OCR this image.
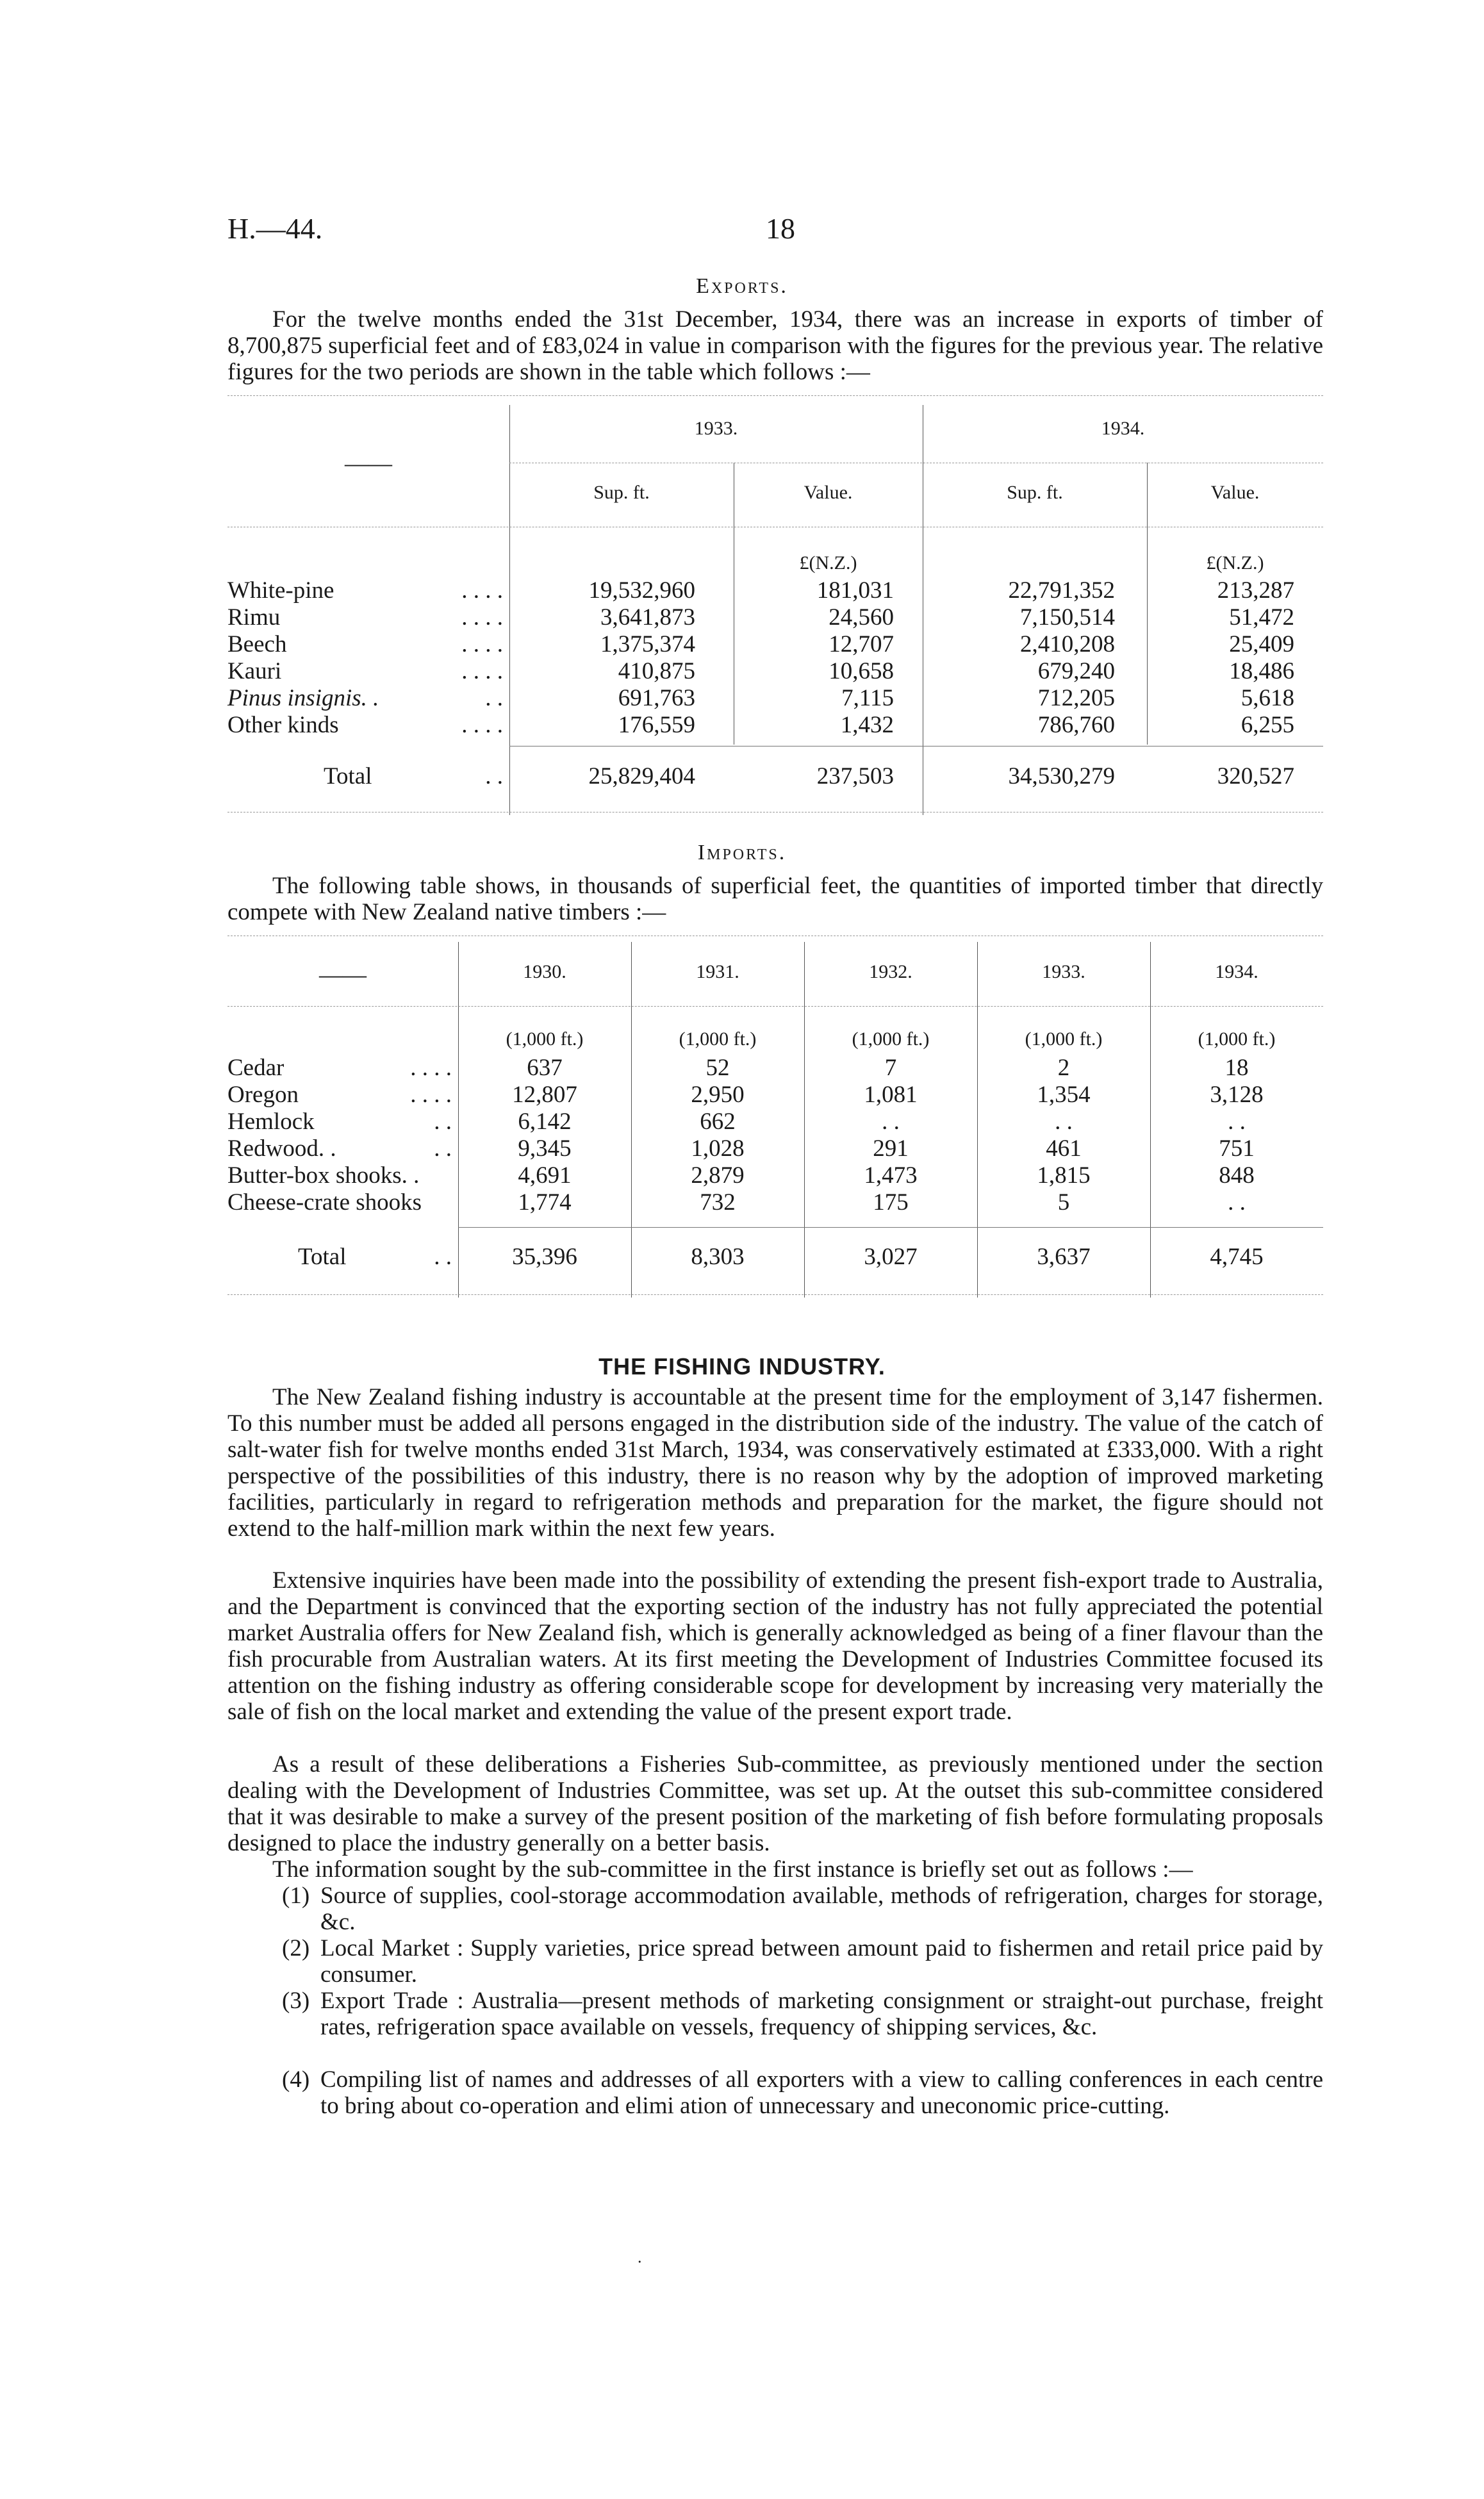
H.—44.	18
Exports.
For the twelve months ended the 31st December, 1934, there was an increase in exports of timber of 8,700,875 superficial feet and of £83,024 in value in comparison with the figures for the previous year. The relative figures for the two periods are shown in the table which follows :—
——
1933.	1934.
Sup. ft.	Value.	Sup. ft.	Value.
£(N.Z.)	£(N.Z.)
White-pine	. . . .	19,532,960	181,031	22,791,352	213,287
Rimu	. . . .	3,641,873	24,560	7,150,514	51,472
Beech	. . . .	1,375,374	12,707	2,410,208	25,409
Kauri	. . . .	410,875	10,658	679,240	18,486
Pinus insignis. .	. .	691,763	7,115	712,205	5,618
Other kinds	. . . .	176,559	1,432	786,760	6,255
Total	. .	25,829,404	237,503	34,530,279	320,527
Imports.
The following table shows, in thousands of superficial feet, the quantities of imported timber that directly compete with New Zealand native timbers :—
——	1930.	1931.	1932.	1933.	1934.
(1,000 ft.)	(1,000 ft.)	(1,000 ft.)	(1,000 ft.)	(1,000 ft.)
Cedar	. . . .	637	52	7	2	18
Oregon	. . . .	12,807	2,950	1,081	1,354	3,128
Hemlock	. .	6,142	662	. .	. .	. .
Redwood. .	. .	9,345	1,028	291	461	751
Butter-box shooks. .	4,691	2,879	1,473	1,815	848
Cheese-crate shooks	1,774	732	175	5	. .
Total	. .	35,396	8,303	3,027	3,637	4,745
THE FISHING INDUSTRY.
The New Zealand fishing industry is accountable at the present time for the employment of 3,147 fishermen. To this number must be added all persons engaged in the distribution side of the industry. The value of the catch of salt-water fish for twelve months ended 31st March, 1934, was conservatively estimated at £333,000. With a right perspective of the possibilities of this industry, there is no reason why by the adoption of improved marketing facilities, particularly in regard to refrigeration methods and preparation for the market, the figure should not extend to the half-million mark within the next few years.
Extensive inquiries have been made into the possibility of extending the present fish-export trade to Australia, and the Department is convinced that the exporting section of the industry has not fully appreciated the potential market Australia offers for New Zealand fish, which is generally acknowledged as being of a finer flavour than the fish procurable from Australian waters. At its first meeting the Development of Industries Committee focused its attention on the fishing industry as offering considerable scope for development by increasing very materially the sale of fish on the local market and extending the value of the present export trade.
As a result of these deliberations a Fisheries Sub-committee, as previously mentioned under the section dealing with the Development of Industries Committee, was set up. At the outset this sub-committee considered that it was desirable to make a survey of the present position of the marketing of fish before formulating proposals designed to place the industry generally on a better basis.
The information sought by the sub-committee in the first instance is briefly set out as follows :—
(1) Source of supplies, cool-storage accommodation available, methods of refrigeration, charges for storage, &c.
(2) Local Market : Supply varieties, price spread between amount paid to fishermen and retail price paid by consumer.
(3) Export Trade : Australia—present methods of marketing consignment or straight-out purchase, freight rates, refrigeration space available on vessels, frequency of shipping services, &c.
(4) Compiling list of names and addresses of all exporters with a view to calling conferences in each centre to bring about co-operation and elimi ation of unnecessary and uneconomic price-cutting.
.
